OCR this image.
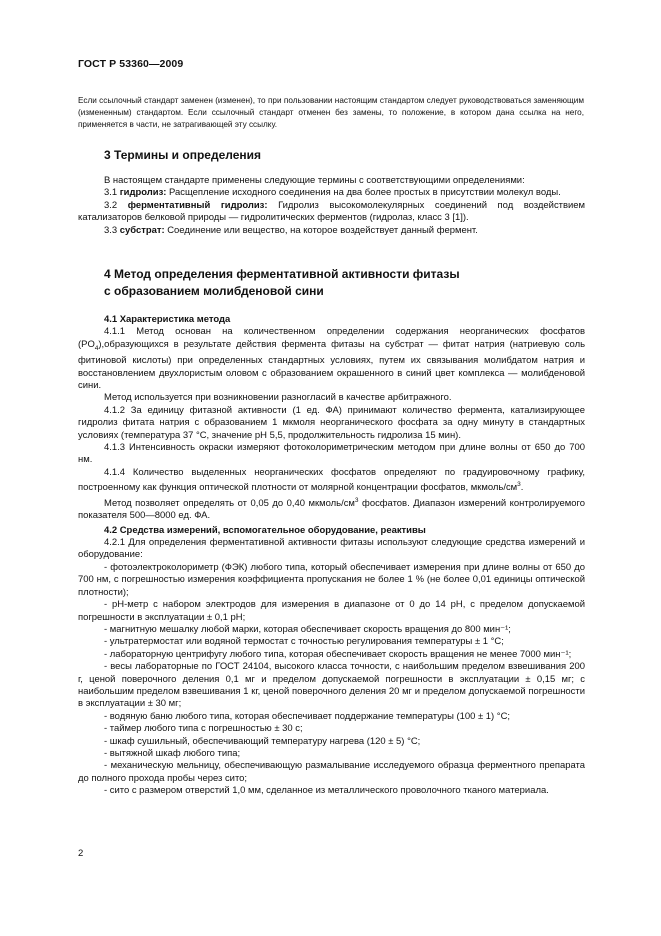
ГОСТ Р 53360—2009
Если ссылочный стандарт заменен (изменен), то при пользовании настоящим стандартом следует руководствоваться заменяющим (измененным) стандартом. Если ссылочный стандарт отменен без замены, то положение, в котором дана ссылка на него, применяется в части, не затрагивающей эту ссылку.
3 Термины и определения

В настоящем стандарте применены следующие термины с соответствующими определениями:

3.1 гидролиз: Расщепление исходного соединения на два более простых в присутствии молекул воды.

3.2 ферментативный гидролиз: Гидролиз высокомолекулярных соединений под воздействием катализаторов белковой природы — гидролитических ферментов (гидролаз, класс 3 [1]).

3.3 субстрат: Соединение или вещество, на которое воздействует данный фермент.

4 Метод определения ферментативной активности фитазы
с образованием молибденовой сини

4.1 Характеристика метода

4.1.1 Метод основан на количественном определении содержания неорганических фосфатов $(PO_4),образующихся$ в результате действия фермента фитазы на субстрат — фитат натрия (натриевую соль фитиновой кислоты) при определенных стандартных условиях, путем их связывания молибдатом натрия и восстановлением двухлористым оловом с образованием окрашенного в синий цвет комплекса — молибденовой сини.

Метод используется при возникновении разногласий в качестве арбитражного.

4.1.2 За единицу фитазной активности (1 ед. ФА) принимают количество фермента, катализирующее гидролиз фитата натрия с образованием 1 мкмоля неорганического фосфата за одну минуту в стандартных условиях (температура 37 °С, значение pH 5,5, продолжительность гидролиза 15 мин).

4.1.3 Интенсивность окраски измеряют фотоколориметрическим методом при длине волны от 650 до 700 нм.

4.1.4 Количество выделенных неорганических фосфатов определяют по градуировочному графику, построенному как функция оптической плотности от молярной концентрации фосфатов, мкмоль/$см^3$.

Метод позволяет определять от 0,05 до 0,40 мкмоль/$см^3$ фосфатов. Диапазон измерений контролируемого показателя 500—8000 ед. ФА.

4.2 Средства измерений, вспомогательное оборудование, реактивы

4.2.1 Для определения ферментативной активности фитазы используют следующие средства измерений и оборудование:

- фотоэлектроколориметр (ФЭК) любого типа, который обеспечивает измерения при длине волны от 650 до 700 нм, с погрешностью измерения коэффициента пропускания не более 1 % (не более 0,01 единицы оптической плотности);

- pH-метр с набором электродов для измерения в диапазоне от 0 до 14 pH, с пределом допускаемой погрешности в эксплуатации ± 0,1 pH;

- магнитную мешалку любой марки, которая обеспечивает скорость вращения до 800 мин⁻¹;

- ультратермостат или водяной термостат с точностью регулирования температуры ± 1 °С;

- лабораторную центрифугу любого типа, которая обеспечивает скорость вращения не менее 7000 мин⁻¹;

- весы лабораторные по ГОСТ 24104, высокого класса точности, с наибольшим пределом взвешивания 200 г, ценой поверочного деления 0,1 мг и пределом допускаемой погрешности в эксплуатации ± 0,15 мг; с наибольшим пределом взвешивания 1 кг, ценой поверочного деления 20 мг и пределом допускаемой погрешности в эксплуатации ± 30 мг;

- водяную баню любого типа, которая обеспечивает поддержание температуры (100 ± 1) °С;

- таймер любого типа с погрешностью ± 30 с;

- шкаф сушильный, обеспечивающий температуру нагрева (120 ± 5) °С;

- вытяжной шкаф любого типа;

- механическую мельницу, обеспечивающую размалывание исследуемого образца ферментного препарата до полного прохода пробы через сито;

- сито с размером отверстий 1,0 мм, сделанное из металлического проволочного тканого материала.

2
